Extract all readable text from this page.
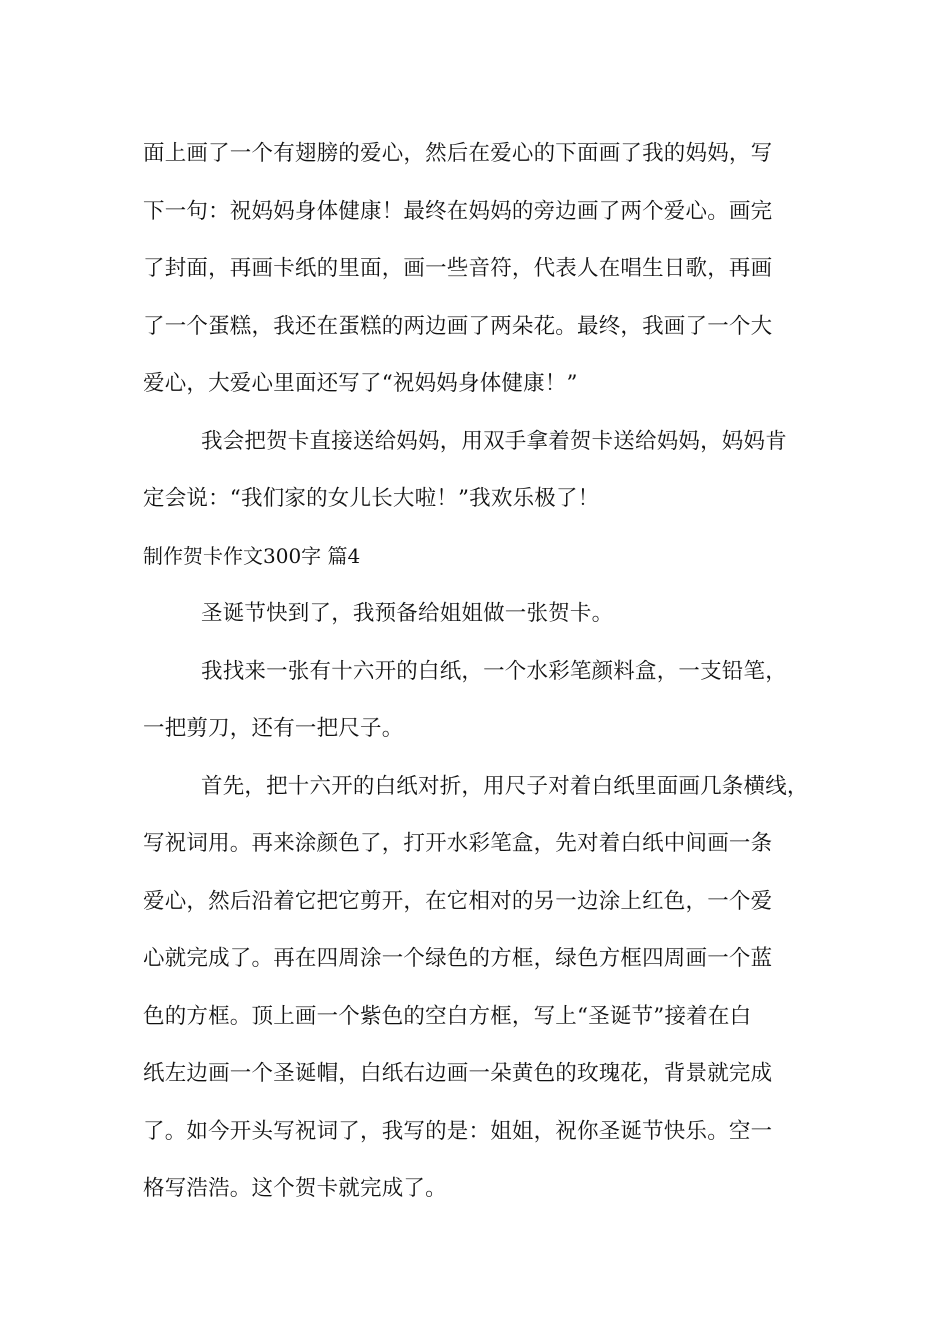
面上画了一个有翅膀的爱心，然后在爱心的下面画了我的妈妈，写
下一句：祝妈妈身体健康！最终在妈妈的旁边画了两个爱心。画完
了封面，再画卡纸的里面，画一些音符，代表人在唱生日歌，再画
了一个蛋糕，我还在蛋糕的两边画了两朵花。最终，我画了一个大
爱心，大爱心里面还写了“祝妈妈身体健康！”
我会把贺卡直接送给妈妈，用双手拿着贺卡送给妈妈，妈妈肯
定会说：“我们家的女儿长大啦！”我欢乐极了！
制作贺卡作文300字 篇4
圣诞节快到了，我预备给姐姐做一张贺卡。
我找来一张有十六开的白纸，一个水彩笔颜料盒，一支铅笔，
一把剪刀，还有一把尺子。
首先，把十六开的白纸对折，用尺子对着白纸里面画几条横线，
写祝词用。再来涂颜色了，打开水彩笔盒，先对着白纸中间画一条
爱心，然后沿着它把它剪开，在它相对的另一边涂上红色，一个爱
心就完成了。再在四周涂一个绿色的方框，绿色方框四周画一个蓝
色的方框。顶上画一个紫色的空白方框，写上“圣诞节”接着在白
纸左边画一个圣诞帽，白纸右边画一朵黄色的玫瑰花，背景就完成
了。如今开头写祝词了，我写的是：姐姐，祝你圣诞节快乐。空一
格写浩浩。这个贺卡就完成了。
